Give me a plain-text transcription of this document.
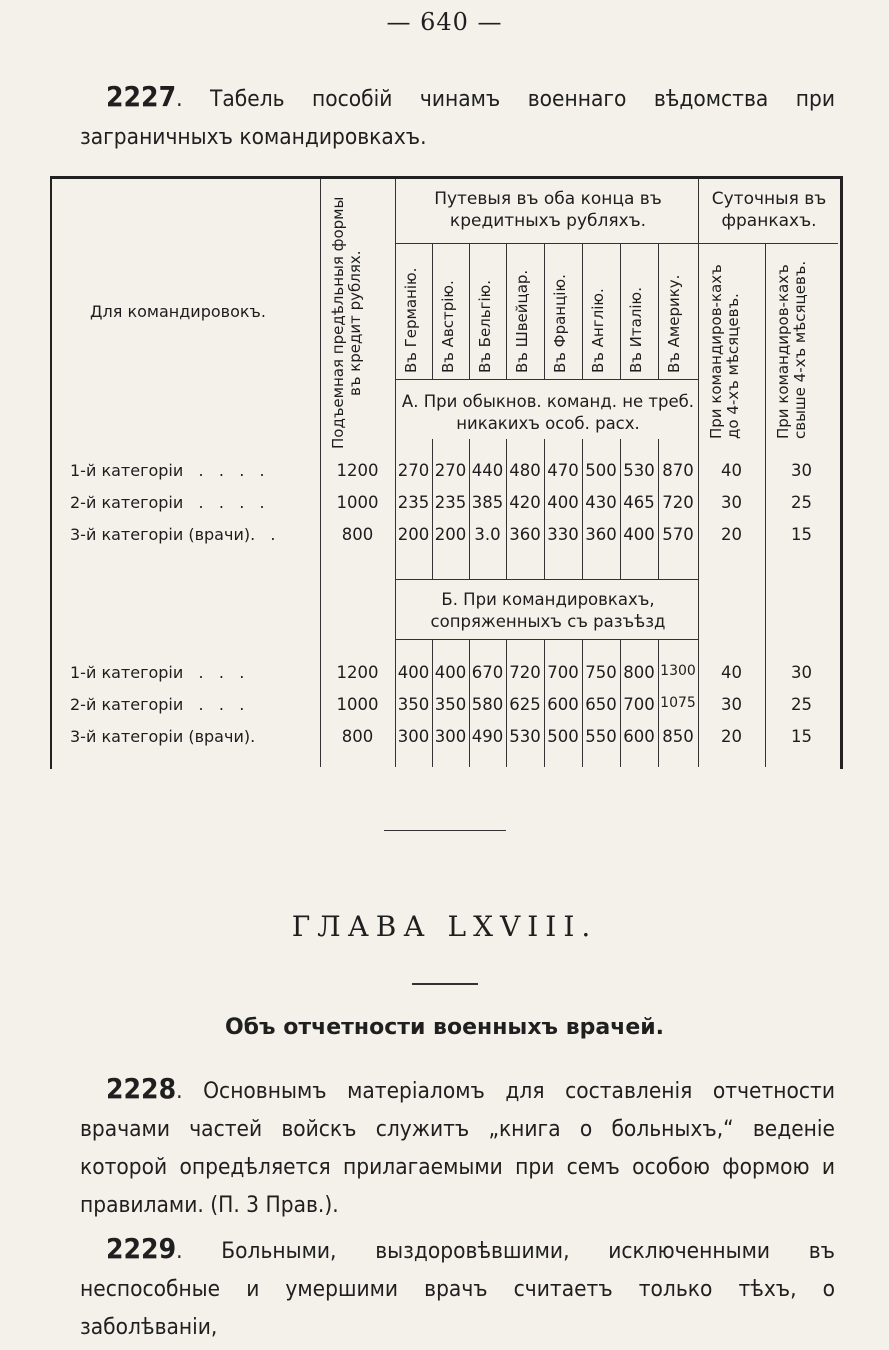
— 640 —
2227. Табель пособій чинамъ военнаго вѣдомства при заграничныхъ командировкахъ.
Для командировокъ.	Подъемная предѣльныя формы въ кредит рублях.
Путевыя въ оба конца въ кредитныхъ рубляхъ.
Суточныя въ франкахъ.
А. При обыкнов. команд. не треб. никакихъ особ. расх.
Б. При командировкахъ, сопряженныхъ съ разъѣзд
Въ Германію. Въ Австрію. Въ Бельгію. Въ Швейцар. Въ Францію. Въ Англію. Въ Италію. Въ Америку. При командиров-кахъ до 4-хъ мѣсяцевъ.	При командиров-кахъ свыше 4-хъ мѣсяцевъ.
1-й категоріи   .   .   .   .	1200	270 270 440 480 470 500 530 870	40	30
2-й категоріи   .   .   .   .	1000	235 235 385 420 400 430 465 720	30	25
3-й категоріи (врачи).   .	800	200 200 3.0 360 330 360 400 570	20	15
1-й категоріи   .   .   .	1200	400 400 670 720 700 750 800 1300	40	30
2-й категоріи   .   .   .	1000	350 350 580 625 600 650 700 1075	30	25
3-й категоріи (врачи).	800	300 300 490 530 500 550 600 850	20	15
ГЛАВА LXVIII.
Объ отчетности военныхъ врачей.
2228. Основнымъ матеріаломъ для составленія отчетности врачами частей войскъ служитъ „книга о больныхъ,“ веденіе которой опредѣляется прилагаемыми при семъ особою формою и правилами. (П. 3 Прав.).
2229. Больными, выздоровѣвшими, исключенными въ неспособные и умершими врачъ считаетъ только тѣхъ, о заболѣваніи,
